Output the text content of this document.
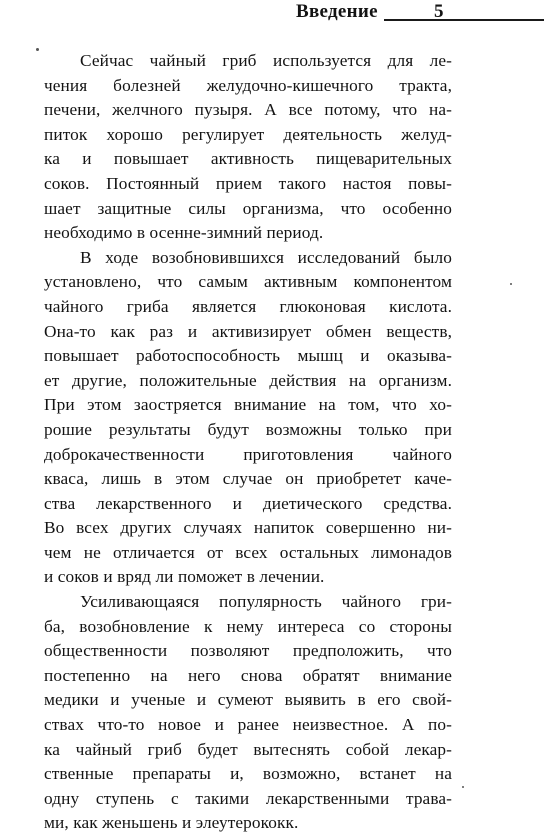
Введение	5
Сейчас чайный гриб используется для ле-
чения болезней желудочно-кишечного тракта,
печени, желчного пузыря. А все потому, что на-
питок хорошо регулирует деятельность желуд-
ка и повышает активность пищеварительных
соков. Постоянный прием такого настоя повы-
шает защитные силы организма, что особенно
необходимо в осенне-зимний период.
В ходе возобновившихся исследований было
установлено, что самым активным компонентом
чайного гриба является глюконовая кислота.
Она-то как раз и активизирует обмен веществ,
повышает работоспособность мышц и оказыва-
ет другие, положительные действия на организм.
При этом заостряется внимание на том, что хо-
рошие результаты будут возможны только при
доброкачественности приготовления чайного
кваса, лишь в этом случае он приобретет каче-
ства лекарственного и диетического средства.
Во всех других случаях напиток совершенно ни-
чем не отличается от всех остальных лимонадов
и соков и вряд ли поможет в лечении.
Усиливающаяся популярность чайного гри-
ба, возобновление к нему интереса со стороны
общественности позволяют предположить, что
постепенно на него снова обратят внимание
медики и ученые и сумеют выявить в его свой-
ствах что-то новое и ранее неизвестное. А по-
ка чайный гриб будет вытеснять собой лекар-
ственные препараты и, возможно, встанет на
одну ступень с такими лекарственными трава-
ми, как женьшень и элеутерококк.
